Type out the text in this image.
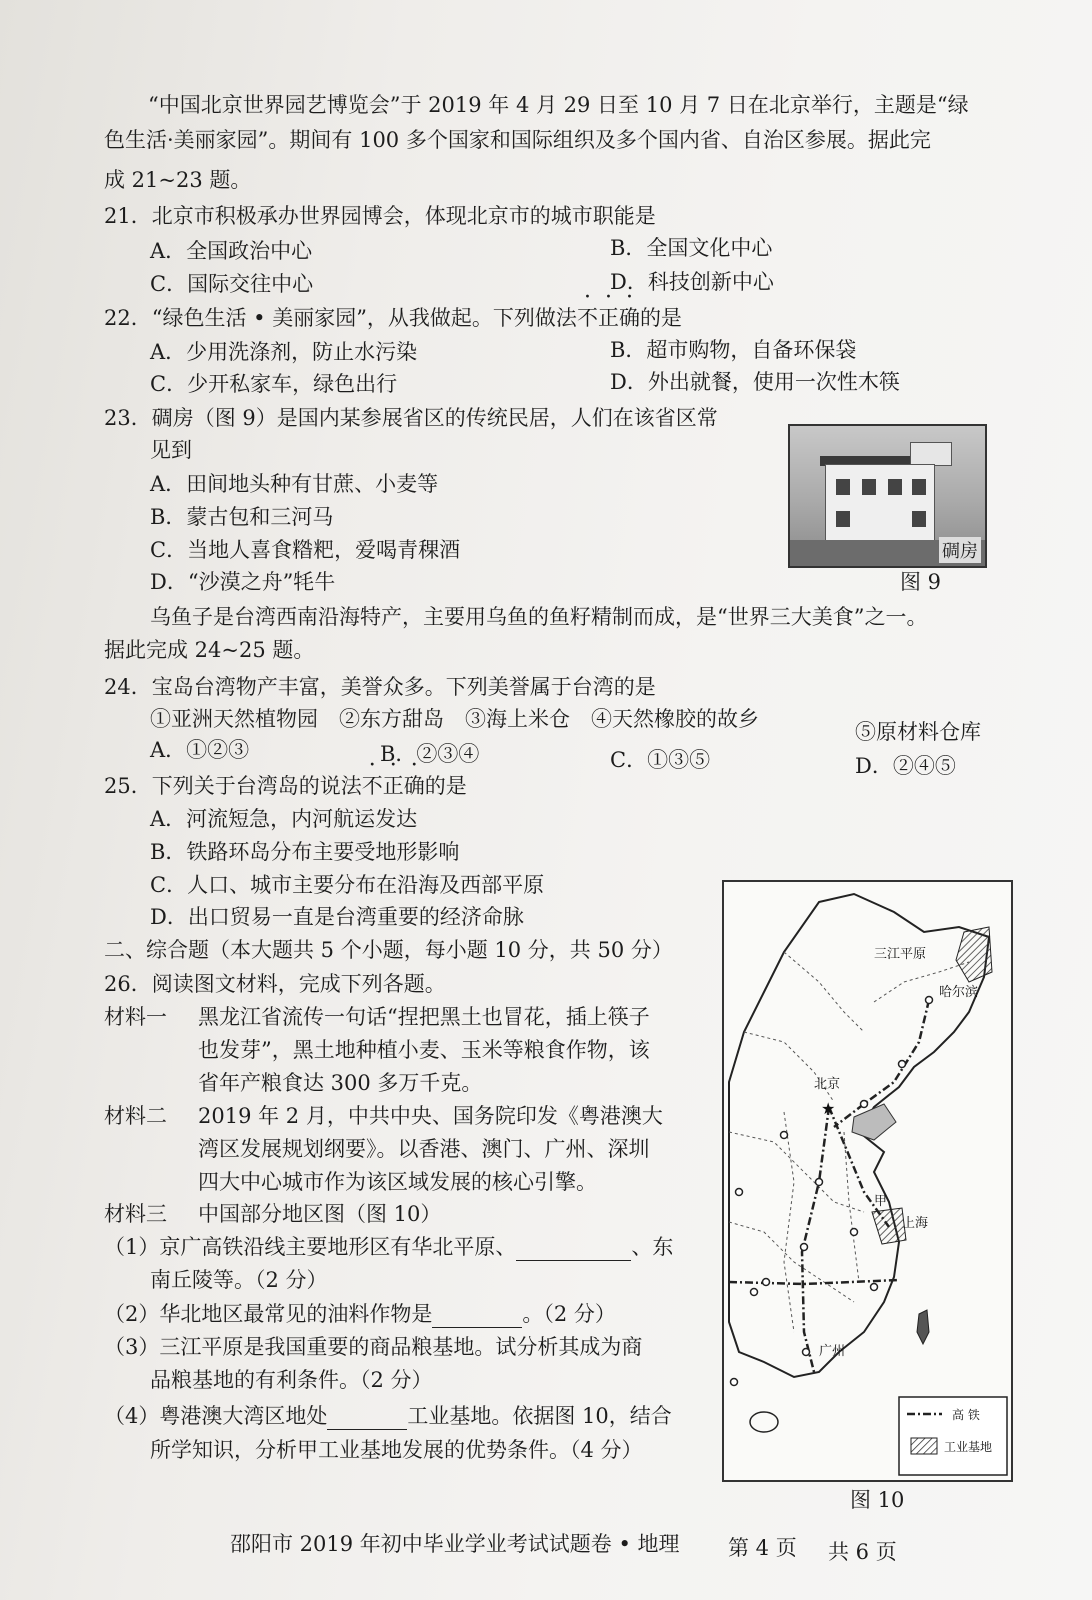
“中国北京世界园艺博览会”于 2019 年 4 月 29 日至 10 月 7 日在北京举行，主题是“绿
色生活·美丽家园”。期间有 100 多个国家和国际组织及多个国内省、自治区参展。据此完
成 21~23 题。
21．北京市积极承办世界园博会，体现北京市的城市职能是
A．全国政治中心	B．全国文化中心
C．国际交往中心	D．科技创新中心
22．“绿色生活 • 美丽家园”，从我做起。下列做法不正确的是
A．少用洗涤剂，防止水污染	B．超市购物，自备环保袋
C．少开私家车，绿色出行	D．外出就餐，使用一次性木筷
23．碉房（图 9）是国内某参展省区的传统民居，人们在该省区常
见到
A．田间地头种有甘蔗、小麦等
B．蒙古包和三河马
C．当地人喜食糌粑，爱喝青稞酒
D．“沙漠之舟”牦牛
碉房
图 9
乌鱼子是台湾西南沿海特产，主要用乌鱼的鱼籽精制而成，是“世界三大美食”之一。
据此完成 24~25 题。
24．宝岛台湾物产丰富，美誉众多。下列美誉属于台湾的是
①亚洲天然植物园　②东方甜岛　③海上米仓　④天然橡胶的故乡
⑤原材料仓库
A．①②③	B．②③④	C．①③⑤	D．②④⑤
25．下列关于台湾岛的说法不正确的是
A．河流短急，内河航运发达
B．铁路环岛分布主要受地形影响
C．人口、城市主要分布在沿海及西部平原
D．出口贸易一直是台湾重要的经济命脉
二、综合题（本大题共 5 个小题，每小题 10 分，共 50 分）
26．阅读图文材料，完成下列各题。
材料一 黑龙江省流传一句话“捏把黑土也冒花，插上筷子
也发芽”，黑土地种植小麦、玉米等粮食作物，该
省年产粮食达 300 多万千克。
材料二 2019 年 2 月，中共中央、国务院印发《粤港澳大
湾区发展规划纲要》。以香港、澳门、广州、深圳
四大中心城市作为该区域发展的核心引擎。
材料三 中国部分地区图（图 10）
（1）京广高铁沿线主要地形区有华北平原、	、东
南丘陵等。（2 分）
（2）华北地区最常见的油料作物是	。（2 分）
（3）三江平原是我国重要的商品粮基地。试分析其成为商
品粮基地的有利条件。（2 分）
（4）粤港澳大湾区地处	工业基地。依据图 10，结合
所学知识，分析甲工业基地发展的优势条件。（4 分）
★
三江平原
哈尔滨
北京
甲
上海
广州
高 铁
工业基地
图 10
邵阳市 2019 年初中毕业学业考试试题卷 • 地理 第 4 页 共 6 页
